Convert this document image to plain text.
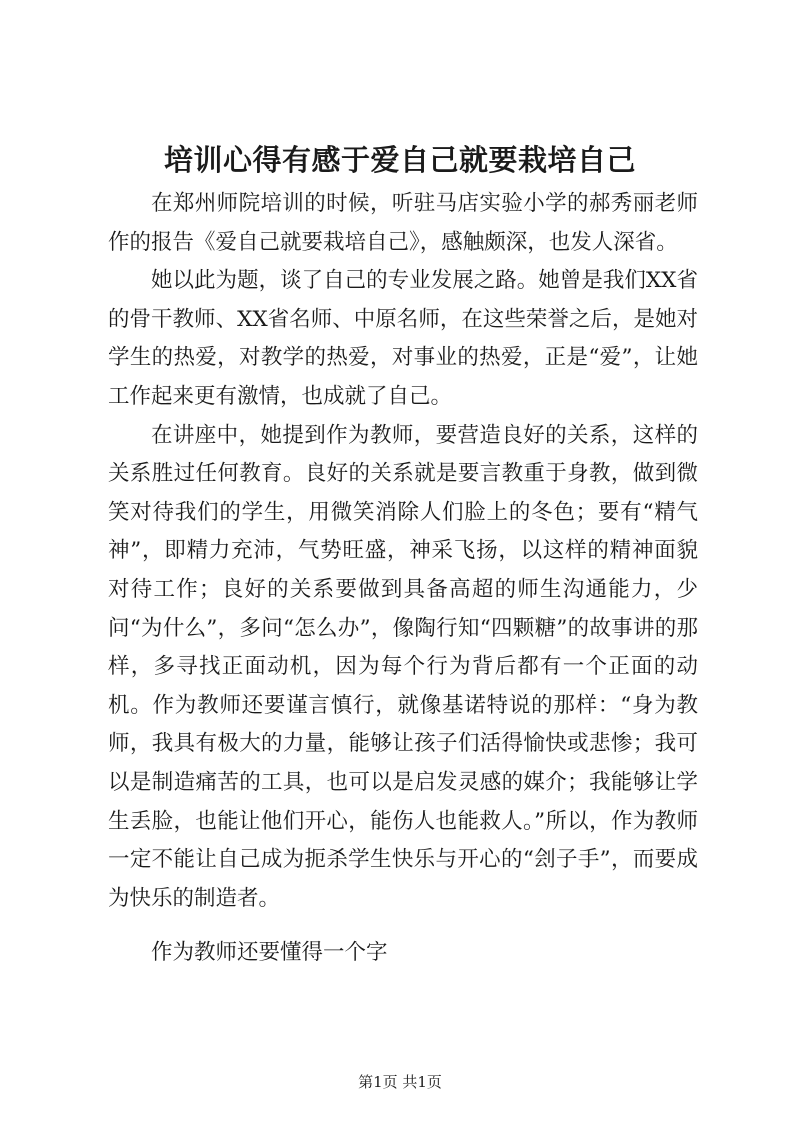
培训心得有感于爱自己就要栽培自己

在郑州师院培训的时候，听驻马店实验小学的郝秀丽老师作的报告《爱自己就要栽培自己》，感触颇深，也发人深省。

她以此为题，谈了自己的专业发展之路。她曾是我们XX省的骨干教师、XX省名师、中原名师，在这些荣誉之后，是她对学生的热爱，对教学的热爱，对事业的热爱，正是“爱”，让她工作起来更有激情，也成就了自己。

在讲座中，她提到作为教师，要营造良好的关系，这样的关系胜过任何教育。良好的关系就是要言教重于身教，做到微笑对待我们的学生，用微笑消除人们脸上的冬色；要有“精气神”，即精力充沛，气势旺盛，神采飞扬，以这样的精神面貌对待工作；良好的关系要做到具备高超的师生沟通能力，少问“为什么”，多问“怎么办”，像陶行知“四颗糖”的故事讲的那样，多寻找正面动机，因为每个行为背后都有一个正面的动机。作为教师还要谨言慎行，就像基诺特说的那样：“身为教师，我具有极大的力量，能够让孩子们活得愉快或悲惨；我可以是制造痛苦的工具，也可以是启发灵感的媒介；我能够让学生丢脸，也能让他们开心，能伤人也能救人。”所以，作为教师一定不能让自己成为扼杀学生快乐与开心的“刽子手”，而要成为快乐的制造者。

作为教师还要懂得一个字

第1页 共1页
